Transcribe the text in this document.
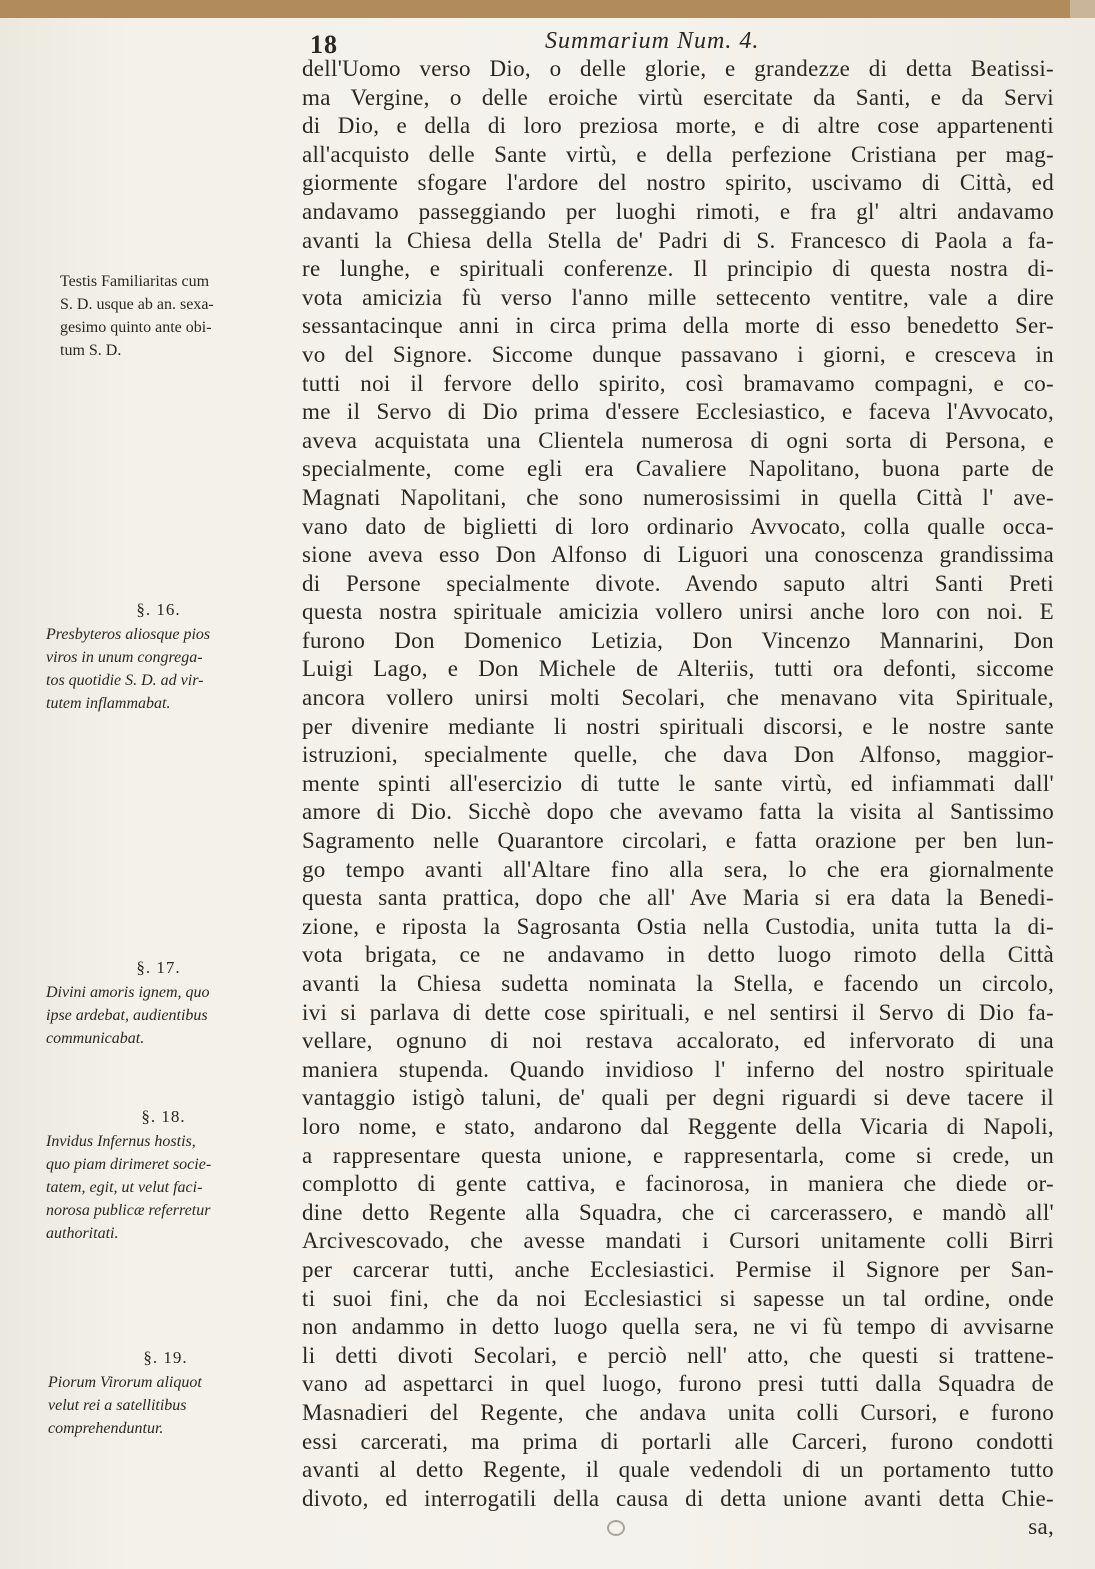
18	Summarium Num. 4.
dell'Uomo verso Dio, o delle glorie, e grandezze di detta Beatissi-
ma Vergine, o delle eroiche virtù esercitate da Santi, e da Servi
di Dio, e della di loro preziosa morte, e di altre cose appartenenti
all'acquisto delle Sante virtù, e della perfezione Cristiana per mag-
giormente sfogare l'ardore del nostro spirito, uscivamo di Città, ed
andavamo passeggiando per luoghi rimoti, e fra gl' altri andavamo
avanti la Chiesa della Stella de' Padri di S. Francesco di Paola a fa-
re lunghe, e spirituali conferenze. Il principio di questa nostra di-
vota amicizia fù verso l'anno mille settecento ventitre, vale a dire
sessantacinque anni in circa prima della morte di esso benedetto Ser-
vo del Signore. Siccome dunque passavano i giorni, e cresceva in
tutti noi il fervore dello spirito, così bramavamo compagni, e co-
me il Servo di Dio prima d'essere Ecclesiastico, e faceva l'Avvocato,
aveva acquistata una Clientela numerosa di ogni sorta di Persona, e
specialmente, come egli era Cavaliere Napolitano, buona parte de
Magnati Napolitani, che sono numerosissimi in quella Città l' ave-
vano dato de biglietti di loro ordinario Avvocato, colla qualle occa-
sione aveva esso Don Alfonso di Liguori una conoscenza grandissima
di Persone specialmente divote. Avendo saputo altri Santi Preti
questa nostra spirituale amicizia vollero unirsi anche loro con noi. E
furono Don Domenico Letizia, Don Vincenzo Mannarini, Don
Luigi Lago, e Don Michele de Alteriis, tutti ora defonti, siccome
ancora vollero unirsi molti Secolari, che menavano vita Spirituale,
per divenire mediante li nostri spirituali discorsi, e le nostre sante
istruzioni, specialmente quelle, che dava Don Alfonso, maggior-
mente spinti all'esercizio di tutte le sante virtù, ed infiammati dall'
amore di Dio. Sicchè dopo che avevamo fatta la visita al Santissimo
Sagramento nelle Quarantore circolari, e fatta orazione per ben lun-
go tempo avanti all'Altare fino alla sera, lo che era giornalmente
questa santa prattica, dopo che all' Ave Maria si era data la Benedi-
zione, e riposta la Sagrosanta Ostia nella Custodia, unita tutta la di-
vota brigata, ce ne andavamo in detto luogo rimoto della Città
avanti la Chiesa sudetta nominata la Stella, e facendo un circolo,
ivi si parlava di dette cose spirituali, e nel sentirsi il Servo di Dio fa-
vellare, ognuno di noi restava accalorato, ed infervorato di una
maniera stupenda. Quando invidioso l' inferno del nostro spirituale
vantaggio istigò taluni, de' quali per degni riguardi si deve tacere il
loro nome, e stato, andarono dal Reggente della Vicaria di Napoli,
a rappresentare questa unione, e rappresentarla, come si crede, un
complotto di gente cattiva, e facinorosa, in maniera che diede or-
dine detto Regente alla Squadra, che ci carcerassero, e mandò all'
Arcivescovado, che avesse mandati i Cursori unitamente colli Birri
per carcerar tutti, anche Ecclesiastici. Permise il Signore per San-
ti suoi fini, che da noi Ecclesiastici si sapesse un tal ordine, onde
non andammo in detto luogo quella sera, ne vi fù tempo di avvisarne
li detti divoti Secolari, e perciò nell' atto, che questi si trattene-
vano ad aspettarci in quel luogo, furono presi tutti dalla Squadra de
Masnadieri del Regente, che andava unita colli Cursori, e furono
essi carcerati, ma prima di portarli alle Carceri, furono condotti
avanti al detto Regente, il quale vedendoli di un portamento tutto
divoto, ed interrogatili della causa di detta unione avanti detta Chie-
sa,
Testis Familiaritas cum
S. D. usque ab an. sexa-
gesimo quinto ante obi-
tum S. D.
§. 16.
Presbyteros aliosque pios
viros in unum congrega-
tos quotidie S. D. ad vir-
tutem inflammabat.
§. 17.
Divini amoris ignem, quo
ipse ardebat, audientibus
communicabat.
§. 18.
Invidus Infernus hostis,
quo piam dirimeret socie-
tatem, egit, ut velut faci-
norosa publicæ referretur
authoritati.
§. 19.
Piorum Virorum aliquot
velut rei a satellitibus
comprehenduntur.
